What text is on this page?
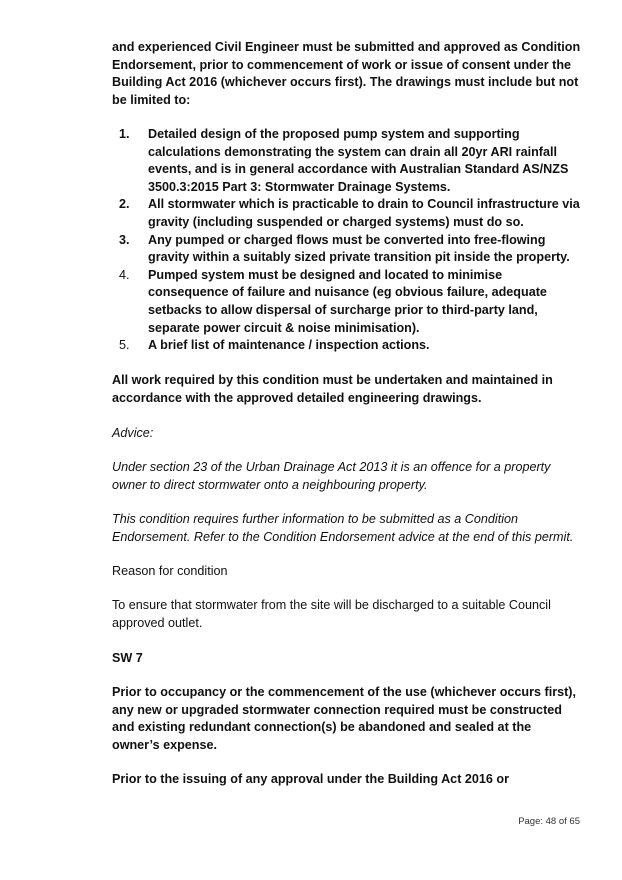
and experienced Civil Engineer must be submitted and approved as Condition Endorsement, prior to commencement of work or issue of consent under the Building Act 2016 (whichever occurs first). The drawings must include but not be limited to:

1. Detailed design of the proposed pump system and supporting calculations demonstrating the system can drain all 20yr ARI rainfall events, and is in general accordance with Australian Standard AS/NZS 3500.3:2015 Part 3: Stormwater Drainage Systems.
2. All stormwater which is practicable to drain to Council infrastructure via gravity (including suspended or charged systems) must do so.
3. Any pumped or charged flows must be converted into free-flowing gravity within a suitably sized private transition pit inside the property.
4. Pumped system must be designed and located to minimise consequence of failure and nuisance (eg obvious failure, adequate setbacks to allow dispersal of surcharge prior to third-party land, separate power circuit & noise minimisation).
5. A brief list of maintenance / inspection actions.

All work required by this condition must be undertaken and maintained in accordance with the approved detailed engineering drawings.

Advice:

Under section 23 of the Urban Drainage Act 2013 it is an offence for a property owner to direct stormwater onto a neighbouring property.

This condition requires further information to be submitted as a Condition Endorsement. Refer to the Condition Endorsement advice at the end of this permit.

Reason for condition

To ensure that stormwater from the site will be discharged to a suitable Council approved outlet.

SW 7

Prior to occupancy or the commencement of the use (whichever occurs first), any new or upgraded stormwater connection required must be constructed and existing redundant connection(s) be abandoned and sealed at the owner’s expense.

Prior to the issuing of any approval under the Building Act 2016 or

Page: 48 of 65
